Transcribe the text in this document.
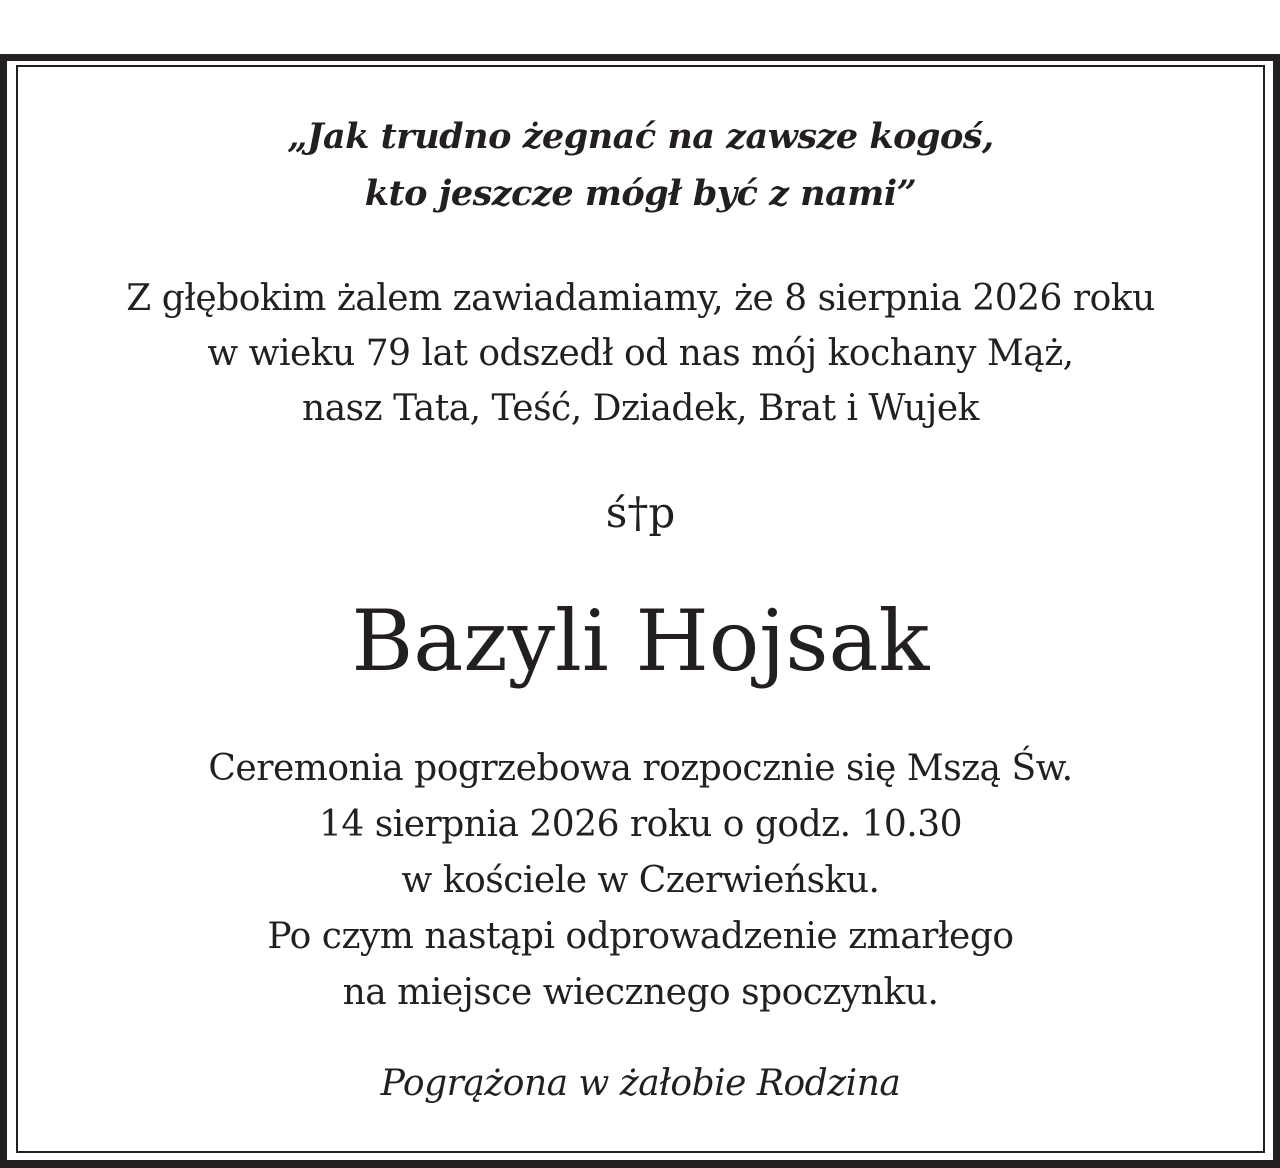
„Jak trudno żegnać na zawsze kogoś,
kto jeszcze mógł być z nami”
Z głębokim żalem zawiadamiamy, że 8 sierpnia 2026 roku
w wieku 79 lat odszedł od nas mój kochany Mąż,
nasz Tata, Teść, Dziadek, Brat i Wujek
ś†p
Bazyli Hojsak
Ceremonia pogrzebowa rozpocznie się Mszą Św.
14 sierpnia 2026 roku o godz. 10.30
w kościele w Czerwieńsku.
Po czym nastąpi odprowadzenie zmarłego
na miejsce wiecznego spoczynku.
Pogrążona w żałobie Rodzina
